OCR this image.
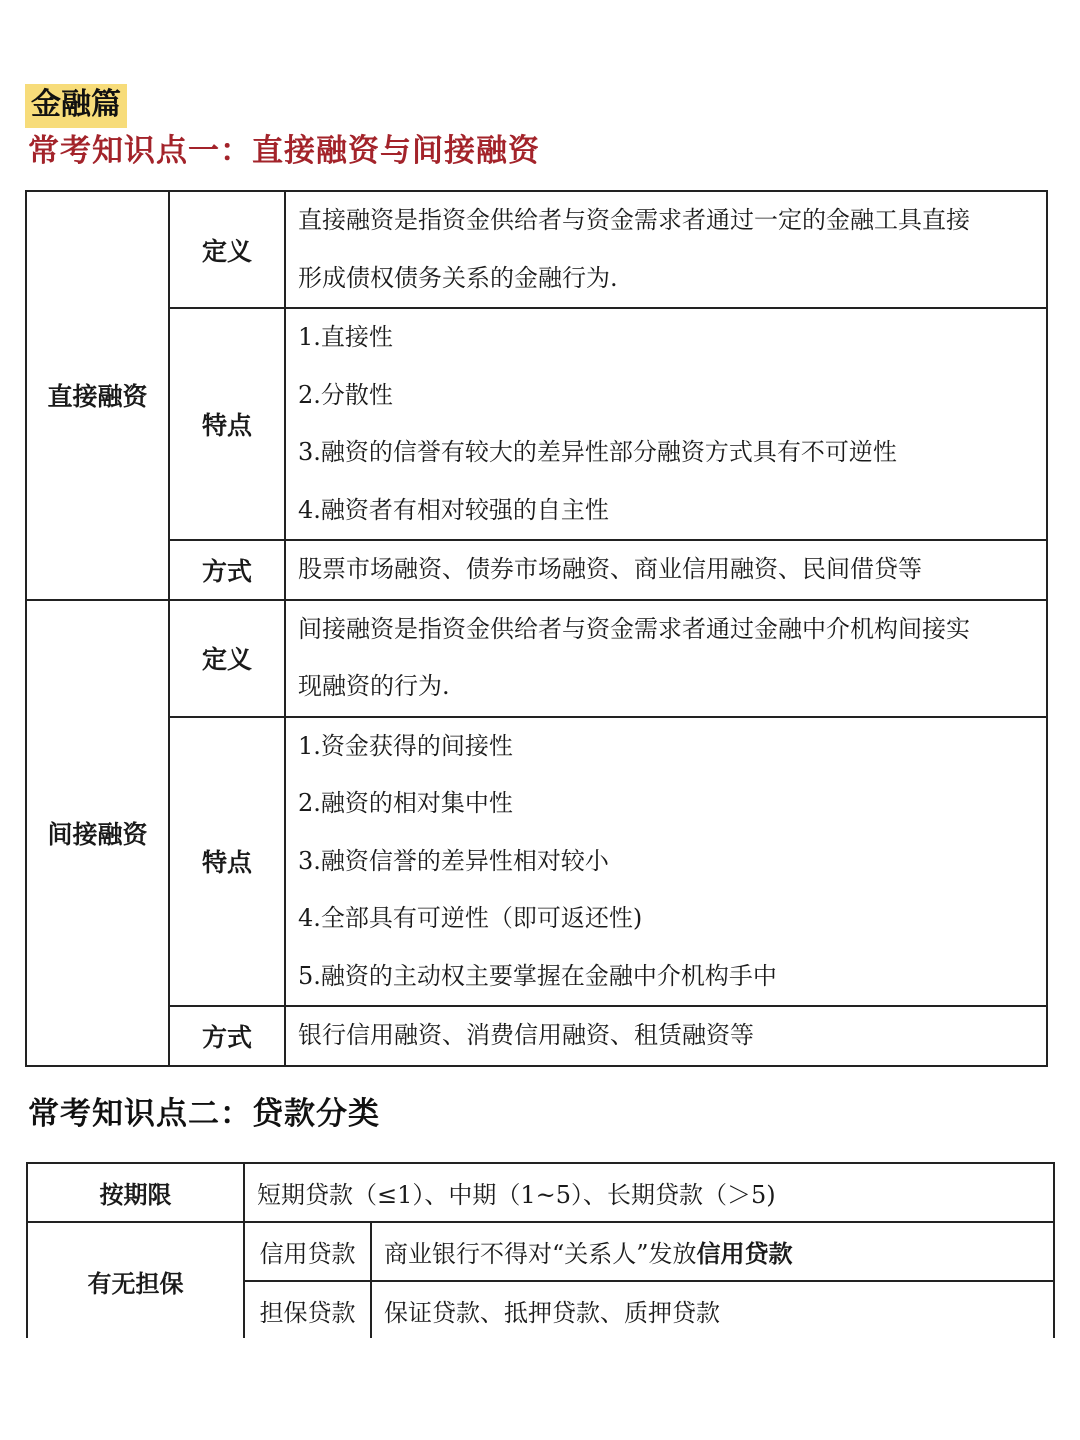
金融篇
常考知识点一：直接融资与间接融资
直接融资	定义	直接融资是指资金供给者与资金需求者通过一定的金融工具直接
形成债权债务关系的金融行为.

	特点	1.直接性
2.分散性
3.融资的信誉有较大的差异性部分融资方式具有不可逆性
4.融资者有相对较强的自主性

	方式	股票市场融资、债券市场融资、商业信用融资、民间借贷等

间接融资	定义	间接融资是指资金供给者与资金需求者通过金融中介机构间接实
现融资的行为.

	特点	1.资金获得的间接性
2.融资的相对集中性
3.融资信誉的差异性相对较小
4.全部具有可逆性（即可返还性)
5.融资的主动权主要掌握在金融中介机构手中

	方式	银行信用融资、消费信用融资、租赁融资等
常考知识点二：贷款分类
按期限	短期贷款（≤1）、中期（1~5）、长期贷款（＞5)	
有无担保	信用贷款	商业银行不得对“关系人”发放信用贷款
	担保贷款	保证贷款、抵押贷款、质押贷款
